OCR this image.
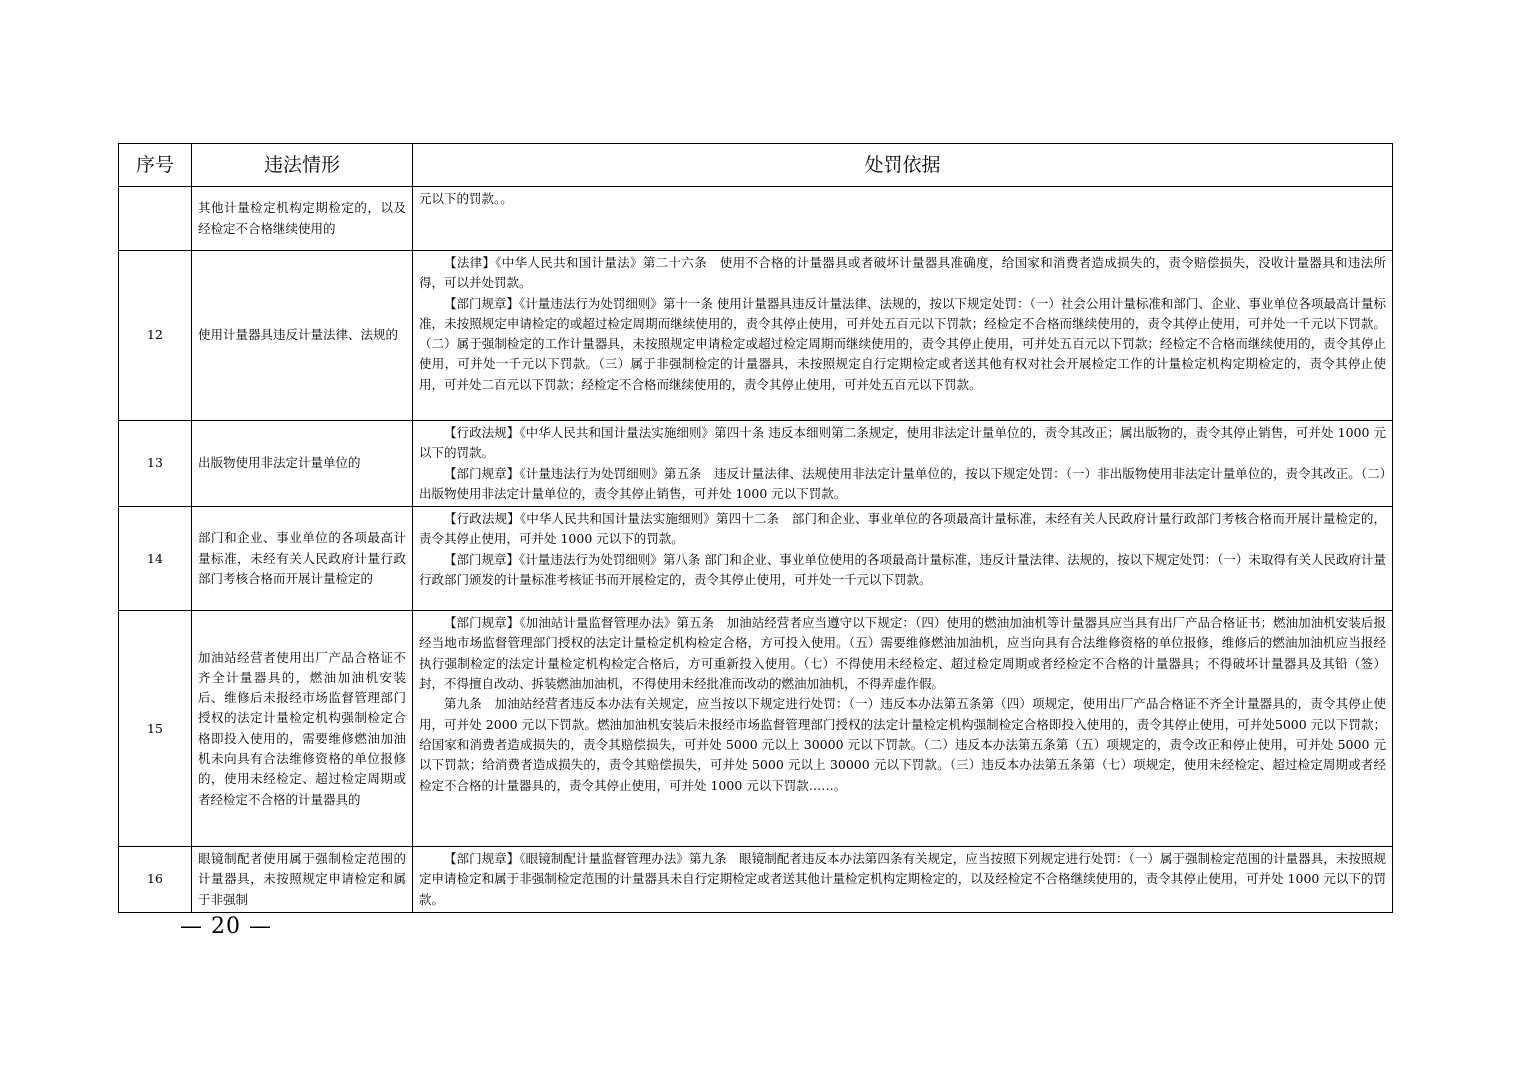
序号	违法情形	处罚依据
	其他计量检定机构定期检定的，以及经检定不合格继续使用的	元以下的罚款。。

12	使用计量器具违反计量法律、法规的	【法律】《中华人民共和国计量法》第二十六条　使用不合格的计量器具或者破坏计量器具准确度，给国家和消费者造成损失的，责令赔偿损失，没收计量器具和违法所得，可以并处罚款。

【部门规章】《计量违法行为处罚细则》第十一条 使用计量器具违反计量法律、法规的，按以下规定处罚：（一）社会公用计量标准和部门、企业、事业单位各项最高计量标准，未按照规定申请检定的或超过检定周期而继续使用的，责令其停止使用，可并处五百元以下罚款；经检定不合格而继续使用的，责令其停止使用，可并处一千元以下罚款。（二）属于强制检定的工作计量器具，未按照规定申请检定或超过检定周期而继续使用的，责令其停止使用，可并处五百元以下罚款；经检定不合格而继续使用的，责令其停止使用，可并处一千元以下罚款。（三）属于非强制检定的计量器具，未按照规定自行定期检定或者送其他有权对社会开展检定工作的计量检定机构定期检定的，责令其停止使用，可并处二百元以下罚款；经检定不合格而继续使用的，责令其停止使用，可并处五百元以下罚款。

13	出版物使用非法定计量单位的	【行政法规】《中华人民共和国计量法实施细则》第四十条 违反本细则第二条规定，使用非法定计量单位的，责令其改正；属出版物的，责令其停止销售，可并处 1000 元以下的罚款。

【部门规章】《计量违法行为处罚细则》第五条　违反计量法律、法规使用非法定计量单位的，按以下规定处罚：（一）非出版物使用非法定计量单位的，责令其改正。（二）出版物使用非法定计量单位的，责令其停止销售，可并处 1000 元以下罚款。

14	部门和企业、事业单位的各项最高计量标准，未经有关人民政府计量行政部门考核合格而开展计量检定的	【行政法规】《中华人民共和国计量法实施细则》第四十二条　部门和企业、事业单位的各项最高计量标准，未经有关人民政府计量行政部门考核合格而开展计量检定的，责令其停止使用，可并处 1000 元以下的罚款。

【部门规章】《计量违法行为处罚细则》第八条 部门和企业、事业单位使用的各项最高计量标准，违反计量法律、法规的，按以下规定处罚：（一）未取得有关人民政府计量行政部门颁发的计量标准考核证书而开展检定的，责令其停止使用，可并处一千元以下罚款。

15	加油站经营者使用出厂产品合格证不齐全计量器具的，燃油加油机安装后、维修后未报经市场监督管理部门授权的法定计量检定机构强制检定合格即投入使用的，需要维修燃油加油机未向具有合法维修资格的单位报修的，使用未经检定、超过检定周期或者经检定不合格的计量器具的	【部门规章】《加油站计量监督管理办法》第五条　加油站经营者应当遵守以下规定：（四）使用的燃油加油机等计量器具应当具有出厂产品合格证书；燃油加油机安装后报经当地市场监督管理部门授权的法定计量检定机构检定合格，方可投入使用。（五）需要维修燃油加油机，应当向具有合法维修资格的单位报修，维修后的燃油加油机应当报经执行强制检定的法定计量检定机构检定合格后，方可重新投入使用。（七）不得使用未经检定、超过检定周期或者经检定不合格的计量器具；不得破坏计量器具及其铅（签）封，不得擅自改动、拆装燃油加油机，不得使用未经批准而改动的燃油加油机，不得弄虚作假。

第九条　加油站经营者违反本办法有关规定，应当按以下规定进行处罚：（一）违反本办法第五条第（四）项规定，使用出厂产品合格证不齐全计量器具的，责令其停止使用，可并处 2000 元以下罚款。燃油加油机安装后未报经市场监督管理部门授权的法定计量检定机构强制检定合格即投入使用的，责令其停止使用，可并处5000 元以下罚款；给国家和消费者造成损失的，责令其赔偿损失，可并处 5000 元以上 30000 元以下罚款。（二）违反本办法第五条第（五）项规定的，责令改正和停止使用，可并处 5000 元以下罚款；给消费者造成损失的，责令其赔偿损失，可并处 5000 元以上 30000 元以下罚款。（三）违反本办法第五条第（七）项规定，使用未经检定、超过检定周期或者经检定不合格的计量器具的，责令其停止使用，可并处 1000 元以下罚款……。

16	眼镜制配者使用属于强制检定范围的计量器具，未按照规定申请检定和属于非强制	【部门规章】《眼镜制配计量监督管理办法》第九条　眼镜制配者违反本办法第四条有关规定，应当按照下列规定进行处罚：（一）属于强制检定范围的计量器具，未按照规定申请检定和属于非强制检定范围的计量器具未自行定期检定或者送其他计量检定机构定期检定的，以及经检定不合格继续使用的，责令其停止使用，可并处 1000 元以下的罚款。

— 20 —
